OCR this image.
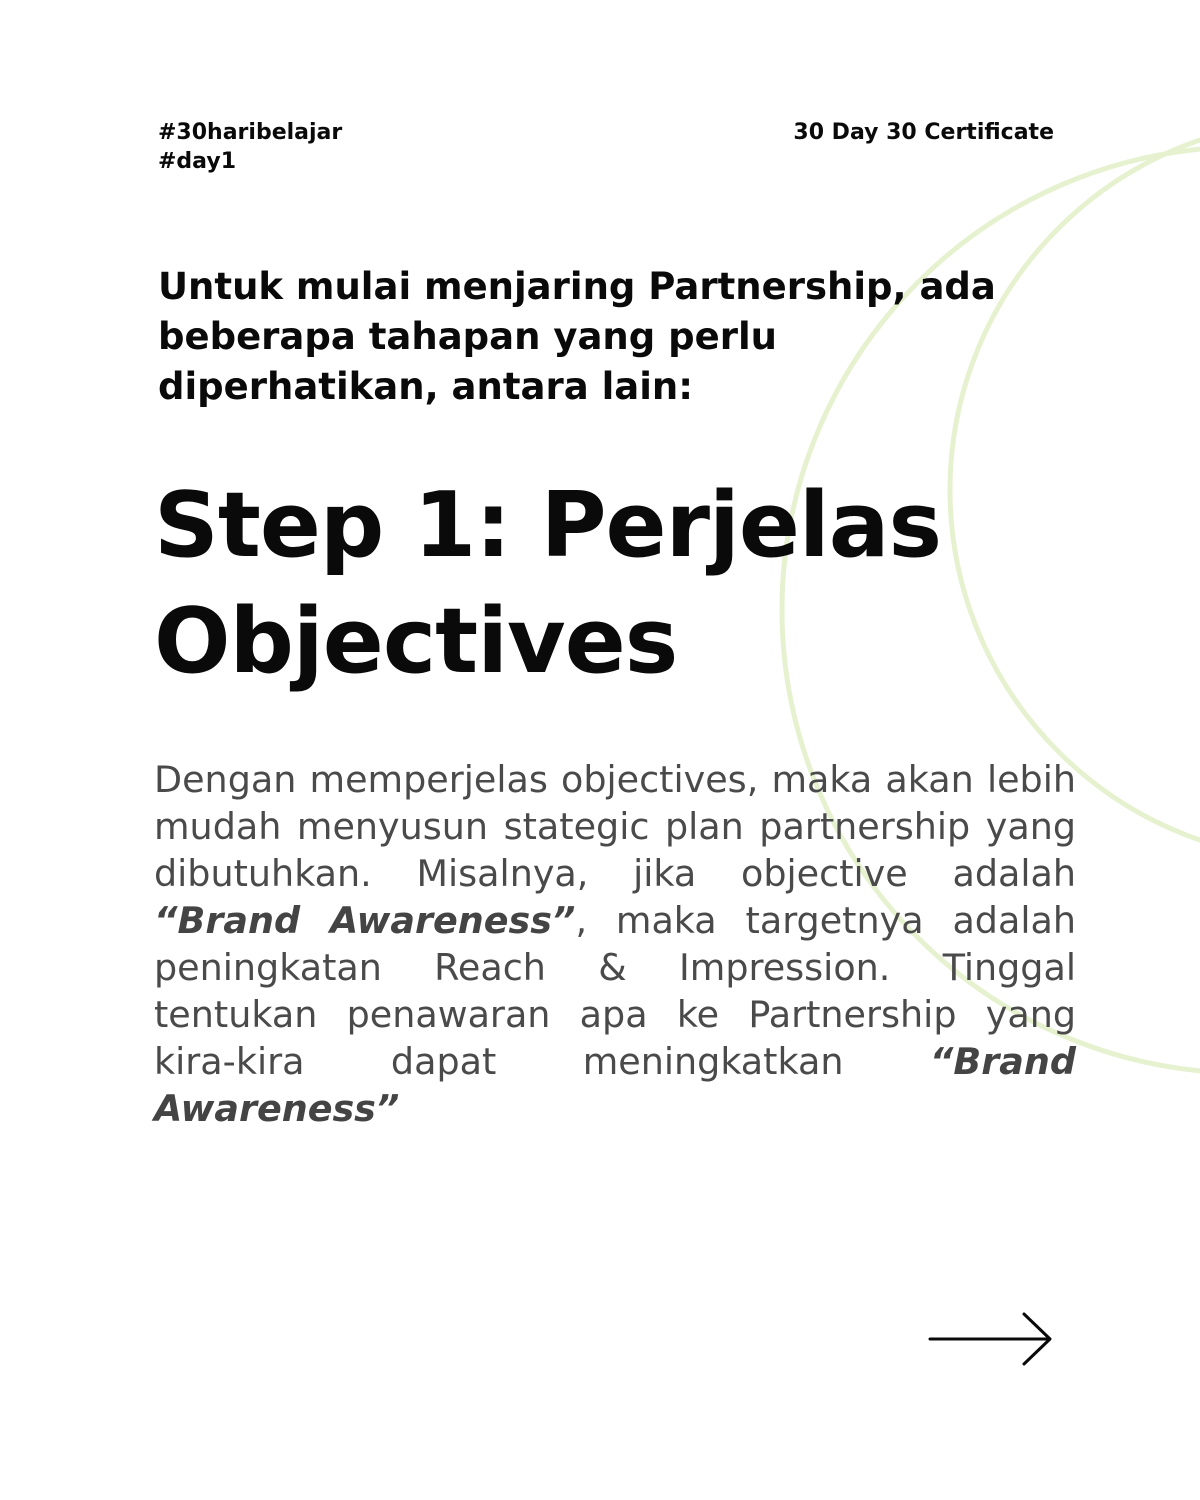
#30haribelajar
#day1
30 Day 30 Certificate

Untuk mulai menjaring Partnership, ada beberapa tahapan yang perlu diperhatikan, antara lain:

Step 1: Perjelas Objectives

Dengan memperjelas objectives, maka akan lebih mudah menyusun stategic plan partnership yang dibutuhkan. Misalnya, jika objective adalah “Brand Awareness”, maka targetnya adalah peningkatan Reach & Impression. Tinggal tentukan penawaran apa ke Partnership yang kira-kira dapat meningkatkan “Brand Awareness”
